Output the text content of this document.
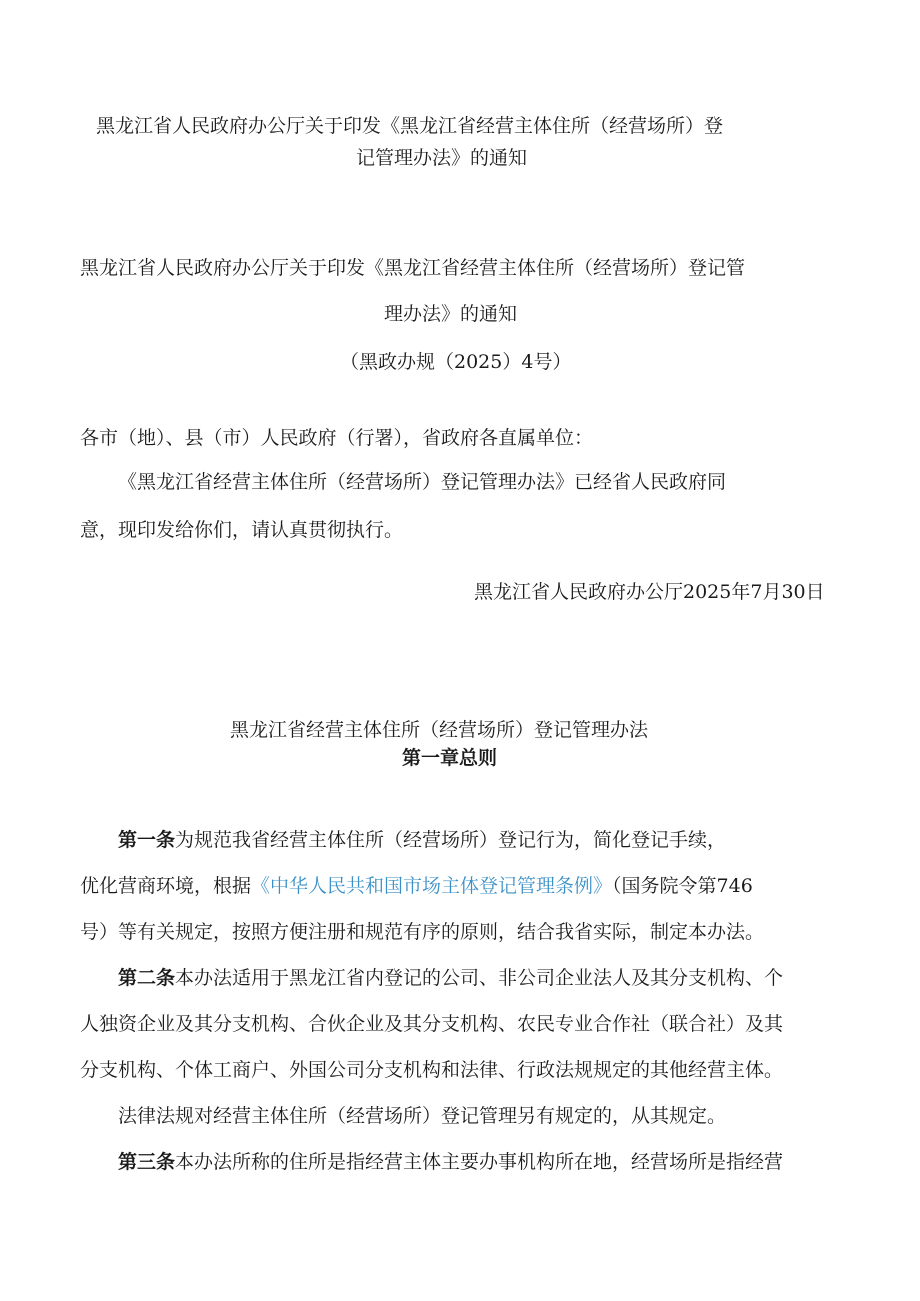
黑龙江省人民政府办公厅关于印发《黑龙江省经营主体住所（经营场所）登
记管理办法》的通知
黑龙江省人民政府办公厅关于印发《黑龙江省经营主体住所（经营场所）登记管
理办法》的通知
（黑政办规（2025）4号）
各市（地）、县（市）人民政府（行署），省政府各直属单位：
《黑龙江省经营主体住所（经营场所）登记管理办法》已经省人民政府同
意，现印发给你们，请认真贯彻执行。
黑龙江省人民政府办公厅2025年7月30日
黑龙江省经营主体住所（经营场所）登记管理办法
第一章总则
第一条为规范我省经营主体住所（经营场所）登记行为，简化登记手续，
优化营商环境，根据《中华人民共和国市场主体登记管理条例》（国务院令第746
号）等有关规定，按照方便注册和规范有序的原则，结合我省实际，制定本办法。
第二条本办法适用于黑龙江省内登记的公司、非公司企业法人及其分支机构、个
人独资企业及其分支机构、合伙企业及其分支机构、农民专业合作社（联合社）及其
分支机构、个体工商户、外国公司分支机构和法律、行政法规规定的其他经营主体。
法律法规对经营主体住所（经营场所）登记管理另有规定的，从其规定。
第三条本办法所称的住所是指经营主体主要办事机构所在地，经营场所是指经营
